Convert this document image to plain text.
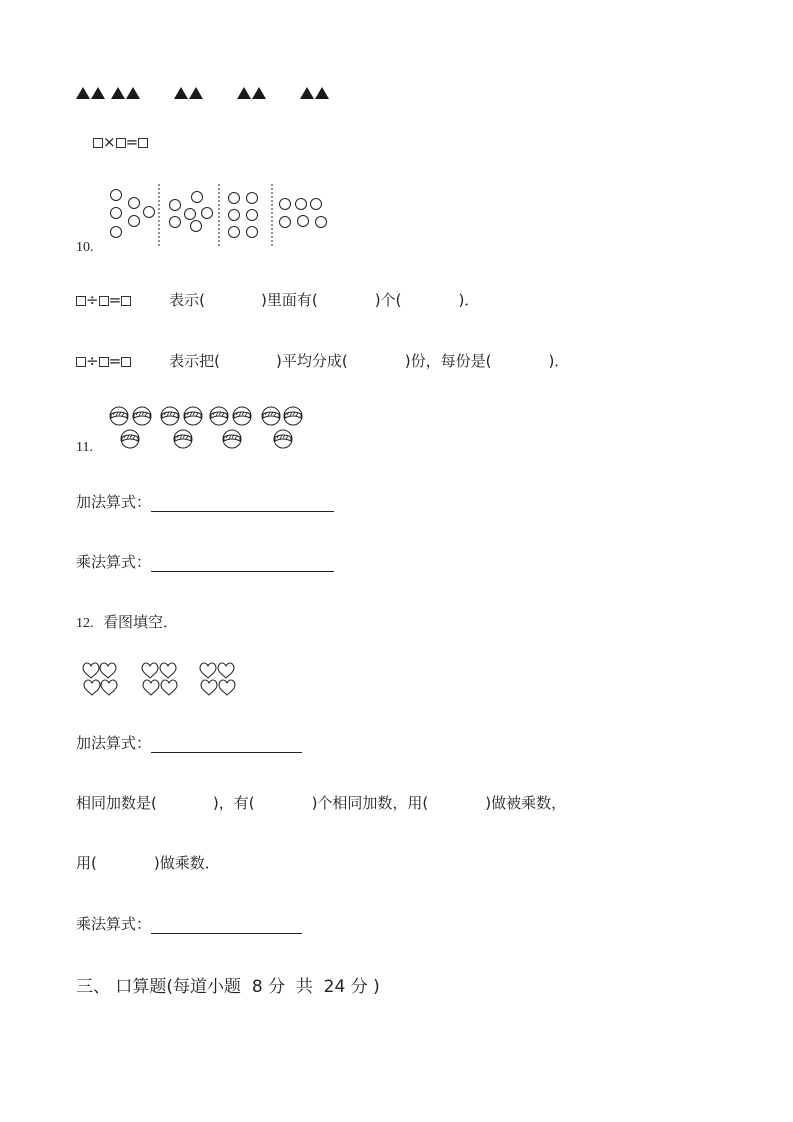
× =
10.
÷ =	表示(	)里面有(	)个(	)．
÷ =	表示把(	)平均分成(	)份，每份是(	)．
11.
加法算式：
乘法算式：
12. 看图填空．
加法算式：
相同加数是(	)，有(	)个相同加数，用(	)做被乘数，
用(	)做乘数．
乘法算式：
三、 口算题(每道小题  8 分  共  24 分 )
